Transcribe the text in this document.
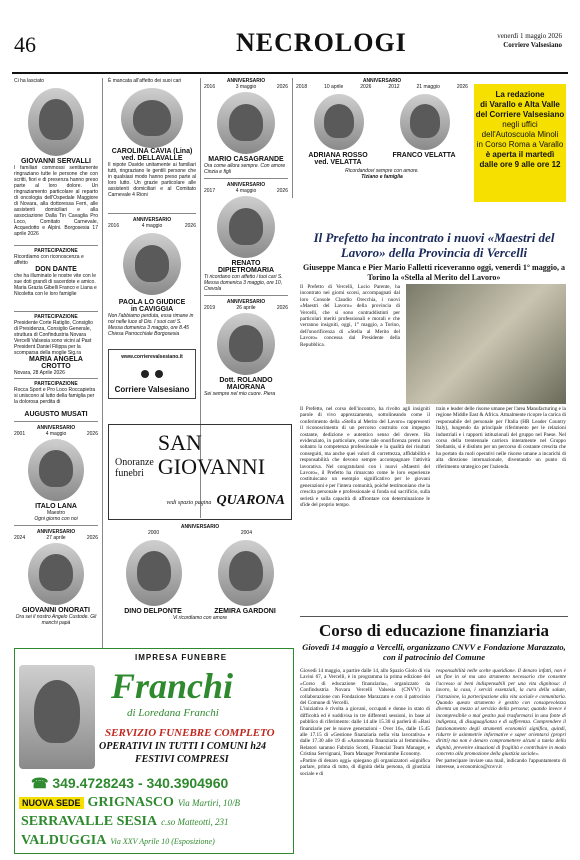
46	NECROLOGI	venerdì 1 maggio 2026
Corriere Valsesiano
Ci ha lasciato
GIOVANNI SERVALLI
I familiari commossi sentitamente ringraziano tutte le persone che con scritti, fiori e di presenza hanno preso parte al loro dolore. Un ringraziamento particolare al reparto di oncologia dell'Ospedale Maggiore di Novara, alla dottoressa Ferri, alle assistenti domiciliari e alla associazione Dalla Tin Cavaglia Pro Loco, Comitato Carnevale, Acquedotto e Alpini. Borgosesia 17 aprile 2026
PARTECIPAZIONE
Ricordiamo con riconoscenza e affetto
DON DANTE
che ha illuminato le nostre vite con le sue doti grandi di sacerdote e amico. Maria Grazia Gibelli Franco e Liana e Nicoletta con le loro famiglie
PARTECIPAZIONE
Presidente Corte Ratiglio, Consiglio di Presidenza, Consiglio Generale, struttura di Confindustria Novara Vercelli Valsesia sono vicini al Past President Daniel Filippa per la scomparsa della moglie Sig.ra
MARIA ANGELA CROTTO
Novara, 28 Aprile 2026
PARTECIPAZIONE
Rocca Sport e Pro Loco Roccapietra si uniscono al lutto della famiglia per la dolorosa perdita di
AUGUSTO MUSATI
ANNIVERSARIO
2001	4 maggio	2026
ITALO LANA
Maestro
Ogni giorno con noi
ANNIVERSARIO
2024	27 aprile	2026
GIOVANNI ONORATI
Ora sei il nostro Angelo Custode. Gli manchi papà
È mancata all'affetto dei suoi cari
CAROLINA CAVIA (Lina)
ved. DELLAVALLE
Il nipote Davide unitamente ai familiari tutti, ringraziano le gentili persone che in qualsiasi modo hanno preso parte al loro lutto. Un grazie particolare alle assistenti domiciliari e al Comitato Carnevale 4 Rioni
ANNIVERSARIO
2016	4 maggio	2026
PAOLA LO GIUDICE
in CAVIGGIA
Non l'abbiamo perduta, essa rimane in noi nelle luce di Dio. I suoi cari S. Messa domenica 3 maggio, ore 8.45 Chiesa Parrocchiale Borgosesia
www.corrierevalsesiano.it

Corriere Valsesiano
ANNIVERSARIO
2016	3 maggio	2026
MARIO CASAGRANDE
Ora come allora sempre. Con amore Cinzia e figli
ANNIVERSARIO
2017	4 maggio	2026
RENATO DIPIETROMARIA
Ti ricordano con affetto i tuoi cari S. Messa domenica 3 maggio, ore 10, Crevola
ANNIVERSARIO
2019	26 aprile	2026
Dott. ROLANDO MAIORANA
Sei sempre nel mio cuore. Piera
ANNIVERSARIO
2018	10 aprile	2026	2012	21 maggio	2026
ADRIANA ROSSO
ved. VELATTA
FRANCO VELATTA
Ricordandovi sempre con amore.
Tiziano e famiglia
La redazione
di Varallo e Alta Valle
del Corriere Valsesiano
negli uffici
dell'Autoscuola Minoli
in Corso Roma a Varallo
è aperta il martedì
dalle ore 9 alle ore 12
Il Prefetto ha incontrato i nuovi «Maestri del Lavoro» della Provincia di Vercelli
Giuseppe Manca e Pier Mario Falletti riceveranno oggi, venerdì 1° maggio, a Torino la «Stella al Merito del Lavoro»
Il Prefetto di Vercelli, Lucio Parente, ha incontrato nei giorni scorsi, accompagnati dal loro Console Claudio Orecchia, i nuovi «Maestri del Lavoro» della provincia di Vercelli, che si sono contraddistinti per particolari meriti professionali e morali e che verranno insigniti, oggi, 1° maggio, a Torino, dell'onorificenza di «Stella al Merito del Lavoro» concessa dal Presidente della Repubblica.
Il Prefetto, nel corso dell'incontro, ha rivolto agli insigniti parole di vivo apprezzamento, sottolineando come il conferimento della «Stella al Merito del Lavoro» rappresenti il riconoscimento di un percorso costruito con impegno costante, dedizione e autentico senso del dovere. Ha evidenziato, in particolare, come tale onorificenza premi non soltanto la competenza professionale e la qualità dei risultati conseguiti, ma anche quei valori di correttezza, affidabilità e responsabilità che devono sempre accompagnare l'attività lavorativa. Nel congratularsi con i nuovi «Maestri del Lavoro», il Prefetto ha rimarcato come le loro esperienze costituiscano un esempio significativo per le giovani generazioni e per l'intera comunità, poiché testimoniano che la crescita personale e professionale si fonda sul sacrificio, sulla serietà e sulla capacità di affrontare con determinazione le sfide del proprio tempo.
train e leader delle risorse umane per l'area Manufacturing e la regione Middle East & Africa. Attualmente ricopre la carica di responsabile del personale per l'Italia (HR Leader Country Italy), lungendo da principale riferimento per le relazioni industriali e i rapporti istituzionali del gruppo nel Paese. Nel corso della trentennale carriera interamente nel Gruppo Stellantis, si è distinto per un percorso di costante crescita che ha portato da ruoli operativi nelle risorse umane a incarichi di alta direzione internazionale, diventando un punto di riferimento strategico per l'azienda.
Onoranze
funebri
SAN GIOVANNI
vedi spazio pagina QUARONA
ANNIVERSARIO
2000	2004
DINO DELPONTE	ZEMIRA GARDONI
Vi ricordiamo con amore
Corso di educazione finanziaria
Giovedì 14 maggio a Vercelli, organizzano CNVV e Fondazione Marazzato, con il patrocinio del Comune
Giovedì 14 maggio, a partire dalle 14, allo Spazio Giolo di via Lavini 67, a Vercelli, è in programma la prima edizione del «Corso di educazione finanziaria», organizzato da Confindustria Novara Vercelli Valsesia (CNVV) in collaborazione con Fondazione Marazzato e con il patrocinio del Comune di Vercelli.
L'iniziativa è rivolta a giovani, occupati e donne in stato di difficoltà ed è suddivisa in tre differenti sessioni, in base al pubblico di riferimento: dalle 14 alle 15.30 si parlerà di «Basi finanziarie per le nuove generazioni - Over 16», dalle 15.45 alle 17.15 di «Gestione finanziaria nella vita lavorativa» e dalle 17.30 alle 19 di «Autonomia finanziaria al femminile». Relatori saranno Fabrizio Scotti, Financial Team Manager, e Cristina Servignani, Team Manager Premiumhe Economy.
«Partire di denaro oggi» spiegano gli organizzatori «significa parlare, prima di tutto, di dignità della persona, di giustizia sociale e di
responsabilità nelle scelte quotidiane. Il denaro infatti, non è un fine in sé ma uno strumento necessario che consente l'accesso ai beni indispensabili per una vita dignitosa: il lavoro, la casa, i servizi essenziali, la cura della salute, l'istruzione, la partecipazione alla vita sociale e comunitaria. Quando questo strumento è gestito con consapevolezza diventa un mezzo al servizio della persona; quando invece è incompresibile o mal gestito può trasformarsi in una fonte di indigenza, di disuguaglianza e di sofferenza. Comprendere il funzionamento degli strumenti economici significa, quindi, ridurre le asimmetrie informative e saper orientarsi (propri diritti) ma non è denaro compromettere alcuni a tutela della dignità, prevenire situazioni di fragilità e contribuire in modo concreto alla promozione della giustizia sociale».
Per partecipare inviare una mail, indicando l'appuntamento di interesse, a economico@cnvv.it
IMPRESA FUNEBRE
Franchi
di Loredana Franchi
SERVIZIO FUNEBRE COMPLETO
OPERATIVI IN TUTTI I COMUNI h24
FESTIVI COMPRESI
☎ 349.4728243 - 340.3904960
NUOVA SEDE GRIGNASCO Via Martiri, 10/B
SERRAVALLE SESIA c.so Matteotti, 231
VALDUGGIA Via XXV Aprile 10 (Esposizione)
